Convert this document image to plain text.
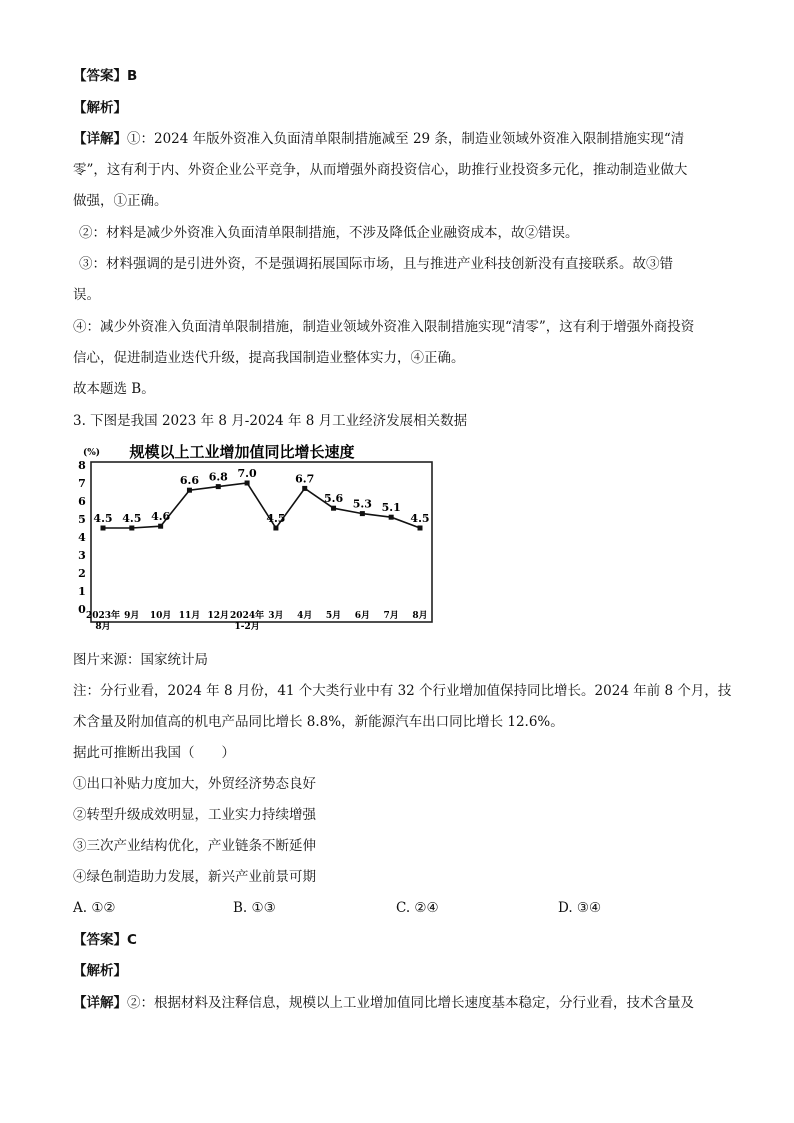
【答案】B
【解析】
【详解】①：2024 年版外资准入负面清单限制措施减至 29 条，制造业领域外资准入限制措施实现“清
零”，这有利于内、外资企业公平竞争，从而增强外商投资信心，助推行业投资多元化，推动制造业做大
做强，①正确。
②：材料是减少外资准入负面清单限制措施，不涉及降低企业融资成本，故②错误。
③：材料强调的是引进外资，不是强调拓展国际市场，且与推进产业科技创新没有直接联系。故③错
误。
④：减少外资准入负面清单限制措施，制造业领域外资准入限制措施实现“清零”，这有利于增强外商投资
信心，促进制造业迭代升级，提高我国制造业整体实力，④正确。
故本题选 B。
3. 下图是我国 2023 年 8 月-2024 年 8 月工业经济发展相关数据
规模以上工业增加值同比增长速度
(%)
0
1
2
3
4
5
6
7
8
2023年
8月
9月 10月 11月 12月 2024年
1-2月
3月 4月 5月 6月 7月 8月
4.5 4.5 4.6
6.6 6.8 7.0
4.5
6.7
5.6 5.3 5.1
4.5
图片来源：国家统计局
注：分行业看，2024 年 8 月份，41 个大类行业中有 32 个行业增加值保持同比增长。2024 年前 8 个月，技
术含量及附加值高的机电产品同比增长 8.8%，新能源汽车出口同比增长 12.6%。
据此可推断出我国（　　）
①出口补贴力度加大，外贸经济势态良好
②转型升级成效明显，工业实力持续增强
③三次产业结构优化，产业链条不断延伸
④绿色制造助力发展，新兴产业前景可期
A. ①②	B. ①③	C. ②④	D. ③④
【答案】C
【解析】
【详解】②：根据材料及注释信息，规模以上工业增加值同比增长速度基本稳定，分行业看，技术含量及
